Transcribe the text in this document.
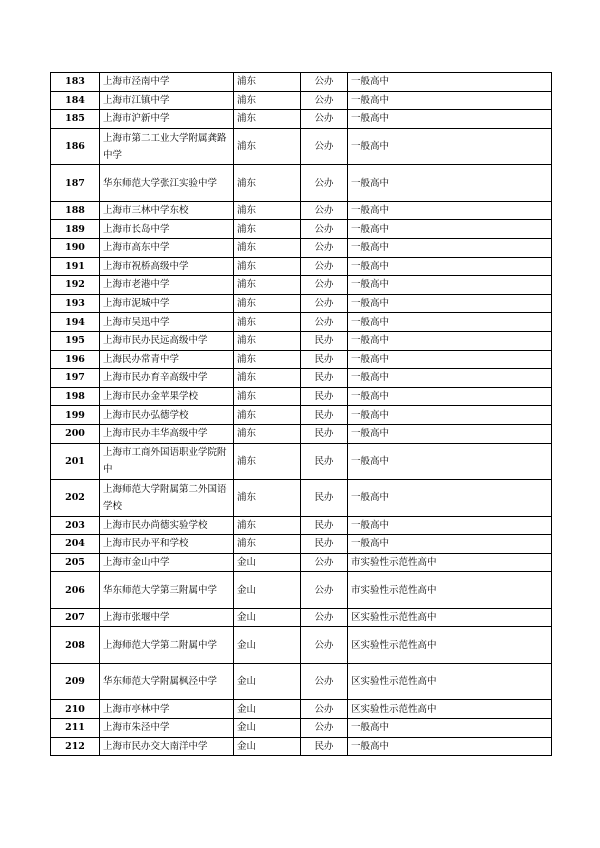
183	上海市泾南中学	浦东	公办	一般高中
184	上海市江镇中学	浦东	公办	一般高中
185	上海市沪新中学	浦东	公办	一般高中
186	上海市第二工业大学附属龚路中学	浦东	公办	一般高中
187	华东师范大学张江实验中学	浦东	公办	一般高中
188	上海市三林中学东校	浦东	公办	一般高中
189	上海市长岛中学	浦东	公办	一般高中
190	上海市高东中学	浦东	公办	一般高中
191	上海市祝桥高级中学	浦东	公办	一般高中
192	上海市老港中学	浦东	公办	一般高中
193	上海市泥城中学	浦东	公办	一般高中
194	上海市吴迅中学	浦东	公办	一般高中
195	上海市民办民远高级中学	浦东	民办	一般高中
196	上海民办常青中学	浦东	民办	一般高中
197	上海市民办育辛高级中学	浦东	民办	一般高中
198	上海市民办金苹果学校	浦东	民办	一般高中
199	上海市民办弘德学校	浦东	民办	一般高中
200	上海市民办丰华高级中学	浦东	民办	一般高中
201	上海市工商外国语职业学院附中	浦东	民办	一般高中
202	上海师范大学附属第二外国语学校	浦东	民办	一般高中
203	上海市民办尚德实验学校	浦东	民办	一般高中
204	上海市民办平和学校	浦东	民办	一般高中
205	上海市金山中学	金山	公办	市实验性示范性高中
206	华东师范大学第三附属中学	金山	公办	市实验性示范性高中
207	上海市张堰中学	金山	公办	区实验性示范性高中
208	上海师范大学第二附属中学	金山	公办	区实验性示范性高中
209	华东师范大学附属枫泾中学	金山	公办	区实验性示范性高中
210	上海市亭林中学	金山	公办	区实验性示范性高中
211	上海市朱泾中学	金山	公办	一般高中
212	上海市民办交大南洋中学	金山	民办	一般高中
